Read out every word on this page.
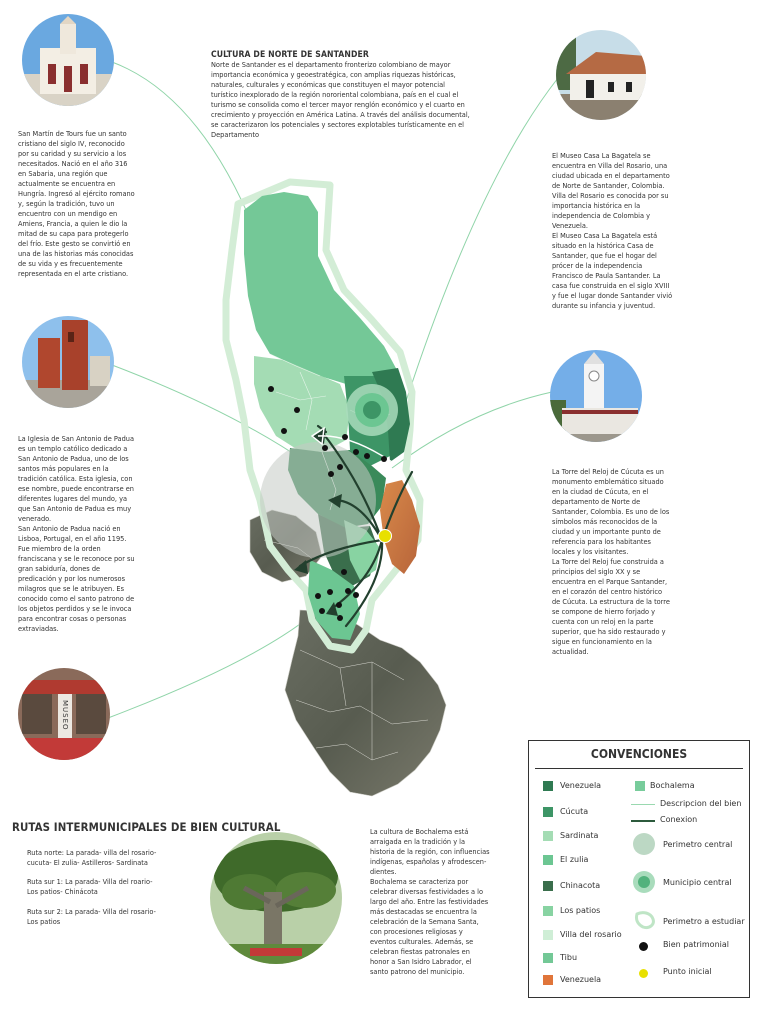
MUSEO
CULTURA DE NORTE DE SANTANDER
Norte de Santander es el departamento fronterizo colombiano de mayor
importancia económica y geoestratégica, con amplias riquezas históricas,
naturales, culturales y económicas que constituyen el mayor potencial
turístico inexplorado de la región nororiental colombiana, país en el cual el
turismo se consolida como el tercer mayor renglón económico y el cuarto en
crecimiento y proyección en América Latina. A través del análisis documental,
se caracterizaron los potenciales y sectores explotables turísticamente en el
Departamento
San Martín de Tours fue un santo
cristiano del siglo IV, reconocido
por su caridad y su servicio a los
necesitados. Nació en el año 316
en Sabaria, una región que
actualmente se encuentra en
Hungría. Ingresó al ejército romano
y, según la tradición, tuvo un
encuentro con un mendigo en
Amiens, Francia, a quien le dio la
mitad de su capa para protegerlo
del frío. Este gesto se convirtió en
una de las historias más conocidas
de su vida y es frecuentemente
representada en el arte cristiano.
La Iglesia de San Antonio de Padua
es un templo católico dedicado a
San Antonio de Padua, uno de los
santos más populares en la
tradición católica. Esta iglesia, con
ese nombre, puede encontrarse en
diferentes lugares del mundo, ya
que San Antonio de Padua es muy
venerado.
San Antonio de Padua nació en
Lisboa, Portugal, en el año 1195.
Fue miembro de la orden
franciscana y se le reconoce por su
gran sabiduría, dones de
predicación y por los numerosos
milagros que se le atribuyen. Es
conocido como el santo patrono de
los objetos perdidos y se le invoca
para encontrar cosas o personas
extraviadas.
El Museo Casa La Bagatela se
encuentra en Villa del Rosario, una
ciudad ubicada en el departamento
de Norte de Santander, Colombia.
Villa del Rosario es conocida por su
importancia histórica en la
independencia de Colombia y
Venezuela.
El Museo Casa La Bagatela está
situado en la histórica Casa de
Santander, que fue el hogar del
prócer de la independencia
Francisco de Paula Santander. La
casa fue construida en el siglo XVIII
y fue el lugar donde Santander vivió
durante su infancia y juventud.
La Torre del Reloj de Cúcuta es un
monumento emblemático situado
en la ciudad de Cúcuta, en el
departamento de Norte de
Santander, Colombia. Es uno de los
símbolos más reconocidos de la
ciudad y un importante punto de
referencia para los habitantes
locales y los visitantes.
La Torre del Reloj fue construida a
principios del siglo XX y se
encuentra en el Parque Santander,
en el corazón del centro histórico
de Cúcuta. La estructura de la torre
se compone de hierro forjado y
cuenta con un reloj en la parte
superior, que ha sido restaurado y
sigue en funcionamiento en la
actualidad.
La cultura de Bochalema está
arraigada en la tradición y la
historia de la región, con influencias
indígenas, españolas y afrodescen-
dientes.
Bochalema se caracteriza por
celebrar diversas festividades a lo
largo del año. Entre las festividades
más destacadas se encuentra la
celebración de la Semana Santa,
con procesiones religiosas y
eventos culturales. Además, se
celebran fiestas patronales en
honor a San Isidro Labrador, el
santo patrono del municipio.
RUTAS INTERMUNICIPALES DE BIEN CULTURAL
Ruta norte: La parada- villa del rosario-
cucuta- El zulia- Astilleros- Sardinata
Ruta sur 1: La parada- Villa del roario-
Los patios- Chinácota
Ruta sur 2: La parada- Villa del rosario-
Los patios
CONVENCIONES
Venezuela
Cúcuta
Sardinata
El zulia
Chinacota
Los patios
Villa del rosario
Tibu
Venezuela
Bochalema
Descripcion del bien
Conexion
Perimetro central
Municipio central
Perimetro a estudiar
Bien patrimonial
Punto inicial
